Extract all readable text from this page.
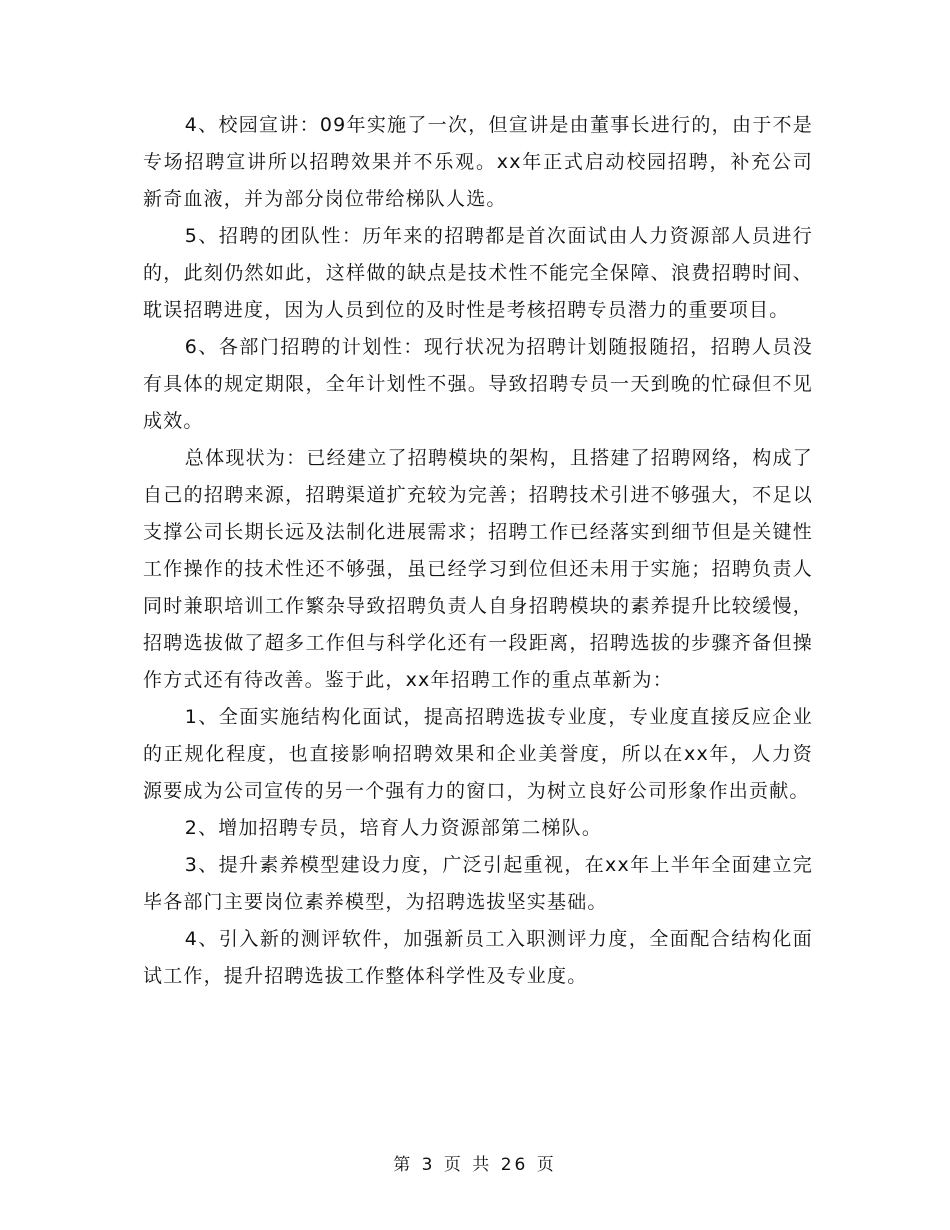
4、校园宣讲：09年实施了一次，但宣讲是由董事长进行的，由于不是专场招聘宣讲所以招聘效果并不乐观。xx年正式启动校园招聘，补充公司新奇血液，并为部分岗位带给梯队人选。

5、招聘的团队性：历年来的招聘都是首次面试由人力资源部人员进行的，此刻仍然如此，这样做的缺点是技术性不能完全保障、浪费招聘时间、耽误招聘进度，因为人员到位的及时性是考核招聘专员潜力的重要项目。

6、各部门招聘的计划性：现行状况为招聘计划随报随招，招聘人员没有具体的规定期限，全年计划性不强。导致招聘专员一天到晚的忙碌但不见成效。

总体现状为：已经建立了招聘模块的架构，且搭建了招聘网络，构成了自己的招聘来源，招聘渠道扩充较为完善；招聘技术引进不够强大，不足以支撑公司长期长远及法制化进展需求；招聘工作已经落实到细节但是关键性工作操作的技术性还不够强，虽已经学习到位但还未用于实施；招聘负责人同时兼职培训工作繁杂导致招聘负责人自身招聘模块的素养提升比较缓慢，招聘选拔做了超多工作但与科学化还有一段距离，招聘选拔的步骤齐备但操作方式还有待改善。鉴于此，xx年招聘工作的重点革新为：

1、全面实施结构化面试，提高招聘选拔专业度，专业度直接反应企业的正规化程度，也直接影响招聘效果和企业美誉度，所以在xx年，人力资源要成为公司宣传的另一个强有力的窗口，为树立良好公司形象作出贡献。

2、增加招聘专员，培育人力资源部第二梯队。

3、提升素养模型建设力度，广泛引起重视，在xx年上半年全面建立完毕各部门主要岗位素养模型，为招聘选拔坚实基础。

4、引入新的测评软件，加强新员工入职测评力度，全面配合结构化面试工作，提升招聘选拔工作整体科学性及专业度。

第 3 页 共 26 页
